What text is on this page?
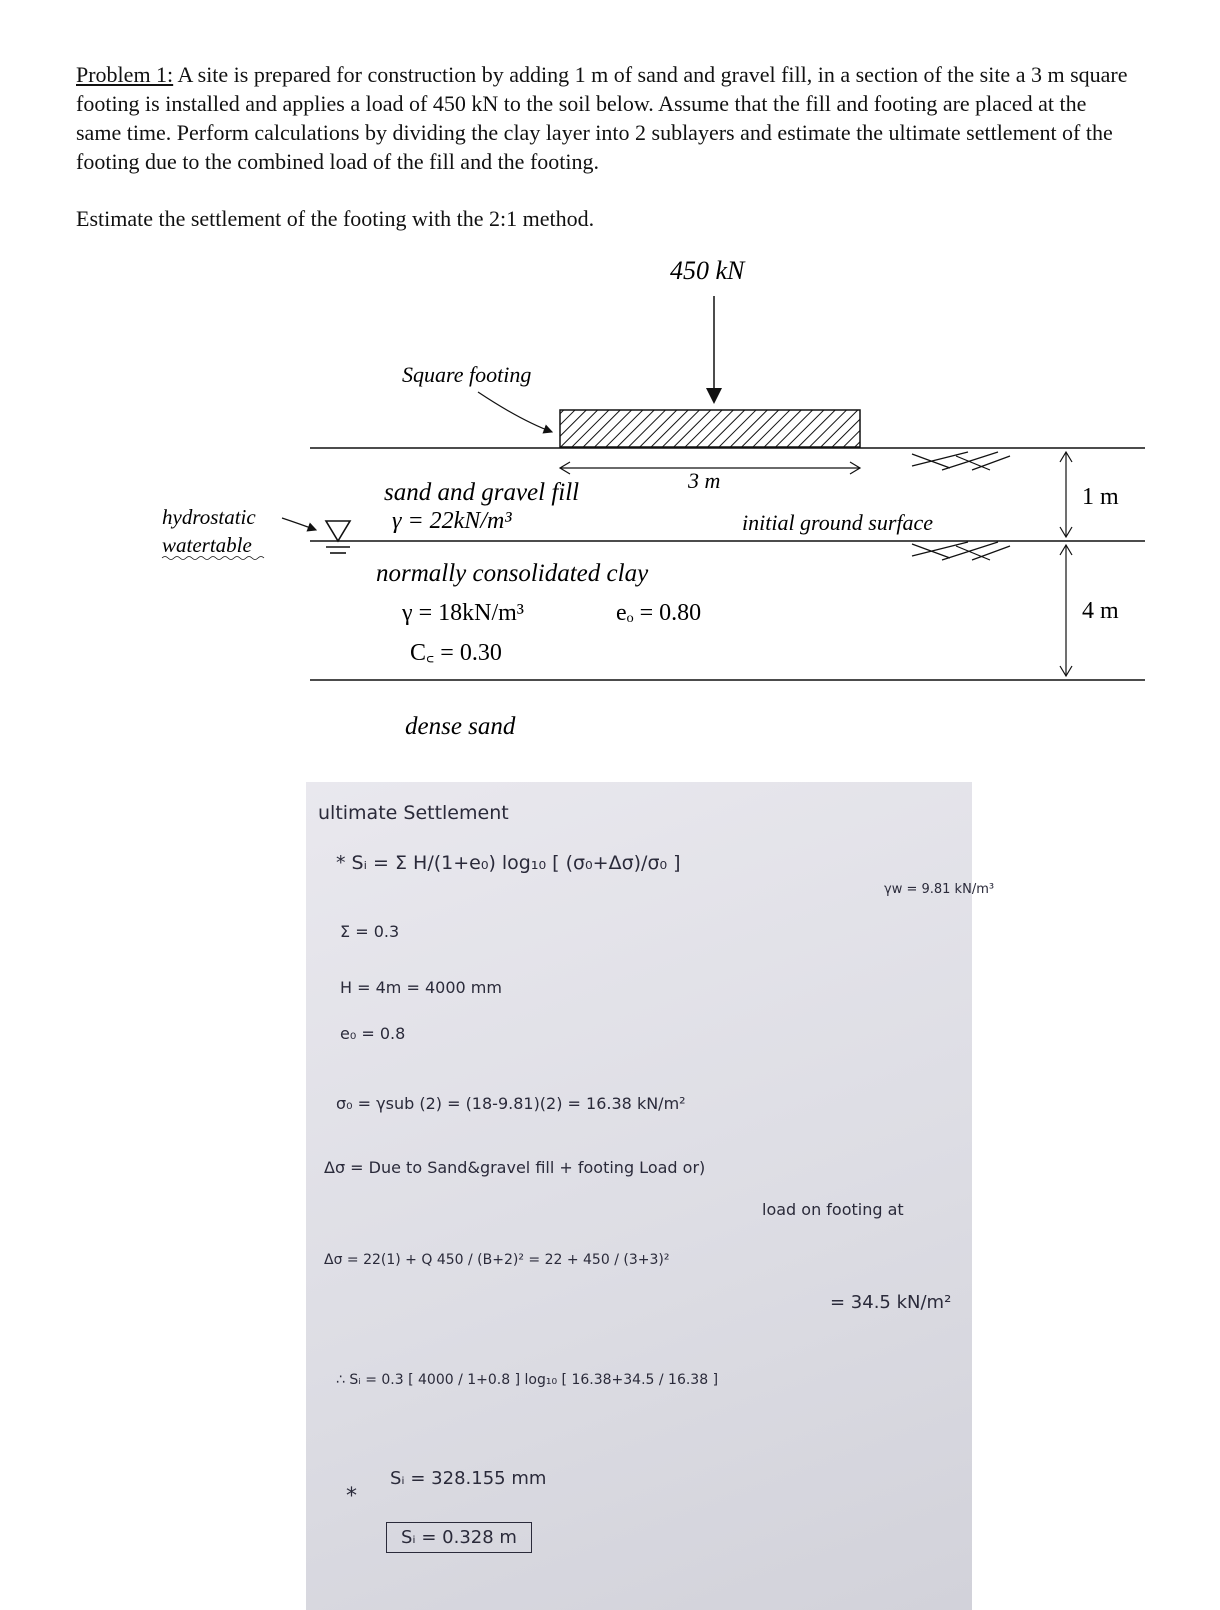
Problem 1: A site is prepared for construction by adding 1 m of sand and gravel fill, in a section of the site a 3 m square footing is installed and applies a load of 450 kN to the soil below. Assume that the fill and footing are placed at the same time. Perform calculations by dividing the clay layer into 2 sublayers and estimate the ultimate settlement of the footing due to the combined load of the fill and the footing.
Estimate the settlement of the footing with the 2:1 method.
450 kN
Square footing
3 m
sand and gravel fill
γ = 22kN/m³	initial ground surface
hydrostatic
watertable
normally consolidated clay
γ = 18kN/m³	eₒ = 0.80
C꜀ = 0.30
dense sand
1 m
4 m
ultimate Settlement
* Sᵢ = Σ H/(1+e₀) log₁₀ [ (σ₀+Δσ)/σ₀ ]
γw = 9.81 kN/m³
Σ = 0.3
H = 4m = 4000 mm
e₀ = 0.8
σ₀ = γsub (2) = (18-9.81)(2) = 16.38 kN/m²
Δσ = Due to Sand&gravel fill + footing Load or)
load on footing at
Δσ = 22(1) + Q 450 / (B+2)² = 22 + 450 / (3+3)²
= 34.5 kN/m²
∴ Sᵢ = 0.3 [ 4000 / 1+0.8 ] log₁₀ [ 16.38+34.5 / 16.38 ]
Sᵢ = 328.155 mm
*
Sᵢ = 0.328 m
